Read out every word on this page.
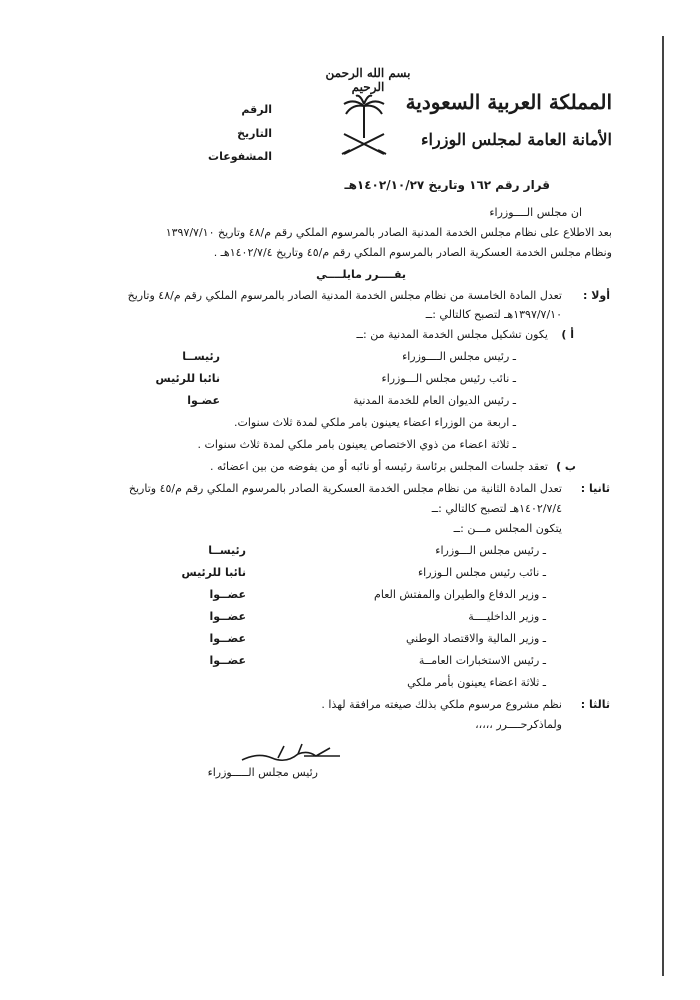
بسم الله الرحمن الرحيم
المملكة العربية السعودية
الأمانة العامة لمجلس الوزراء
الرقم
التاريخ
المشفوعات
قرار رقم ١٦٢ وتاريخ ١٤٠٢/١٠/٢٧هـ
ان مجلس الــــوزراء
بعد الاطلاع على نظام مجلس الخدمة المدنية الصادر بالمرسوم الملكي رقم م/٤٨ وتاريخ ١٣٩٧/٧/١٠
ونظام مجلس الخدمة العسكرية الصادر بالمرسوم الملكي رقم م/٤٥ وتاريخ ١٤٠٢/٧/٤هـ .
يقــــرر مايلــــي
أولا :
تعدل المادة الخامسة من نظام مجلس الخدمة المدنية الصادر بالمرسوم الملكي رقم م/٤٨ وتاريخ
١٣٩٧/٧/١٠هـ لتصبح كالتالي :ــ
أ )
يكون تشكيل مجلس الخدمة المدنية من :ــ
ـ رئيس مجلس الــــوزراء
رئيســا
ـ نائب رئيس مجلس الـــوزراء
نائبا للرئيس
ـ رئيس الديوان العام للخدمة المدنية
عضـوا
ـ اربعة من الوزراء اعضاء يعينون بامر ملكي لمدة ثلاث سنوات.
ـ ثلاثة اعضاء من ذوي الاختصاص يعينون بامر ملكي لمدة ثلاث سنوات .
ب )
تعقد جلسات المجلس برئاسة رئيسه أو نائبه أو من يفوضه من بين اعضائه .
ثانيا :
تعدل المادة الثانية من نظام مجلس الخدمة العسكرية الصادر بالمرسوم الملكي رقم م/٤٥ وتاريخ
١٤٠٢/٧/٤هـ لتصبح كالتالي :ــ
يتكون المجلس مـــن :ــ
ـ رئيس مجلس الـــوزراء
رئيســا
ـ نائب رئيس مجلس الـوزراء
نائبا للرئيس
ـ وزير الدفاع والطيران والمفتش العام
عضــوا
ـ وزير الداخليــــة
عضــوا
ـ وزير المالية والاقتصاد الوطني
عضــوا
ـ رئيس الاستخبارات العامــة
عضــوا
ـ ثلاثة اعضاء يعينون بأمر ملكي
ثالثا :
نظم مشروع مرسوم ملكي بذلك صيغته مرافقة لهذا .
ولماذكرحــــرر ،،،،،
رئيس مجلس الـــــوزراء
